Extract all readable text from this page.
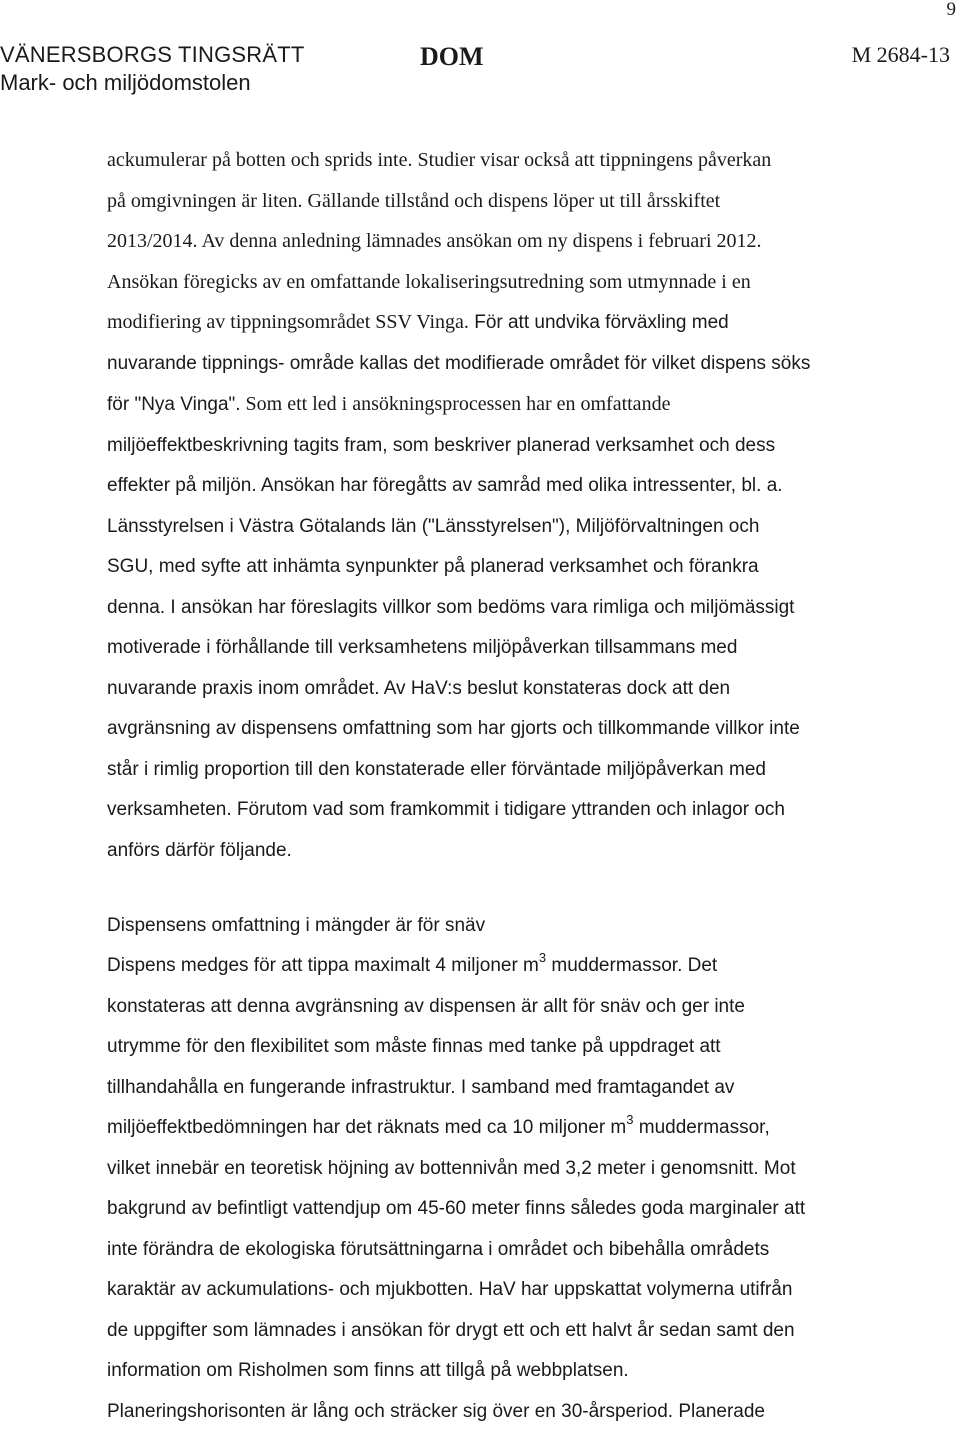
9
VÄNERSBORGS TINGSRÄTT
Mark- och miljödomstolen
DOM	M 2684-13

ackumulerar på botten och sprids inte. Studier visar också att tippningens påverkan
på omgivningen är liten. Gällande tillstånd och dispens löper ut till årsskiftet
2013/2014. Av denna anledning lämnades ansökan om ny dispens i februari 2012.
Ansökan föregicks av en omfattande lokaliseringsutredning som utmynnade i en
modifiering av tippningsområdet SSV Vinga. För att undvika förväxling med
nuvarande tippnings- område kallas det modifierade området för vilket dispens söks
för "Nya Vinga". Som ett led i ansökningsprocessen har en omfattande
miljöeffektbeskrivning tagits fram, som beskriver planerad verksamhet och dess
effekter på miljön. Ansökan har föregåtts av samråd med olika intressenter, bl. a.
Länsstyrelsen i Västra Götalands län ("Länsstyrelsen"), Miljöförvaltningen och
SGU, med syfte att inhämta synpunkter på planerad verksamhet och förankra
denna. I ansökan har föreslagits villkor som bedöms vara rimliga och miljömässigt
motiverade i förhållande till verksamhetens miljöpåverkan tillsammans med
nuvarande praxis inom området. Av HaV:s beslut konstateras dock att den
avgränsning av dispensens omfattning som har gjorts och tillkommande villkor inte
står i rimlig proportion till den konstaterade eller förväntade miljöpåverkan med
verksamheten. Förutom vad som framkommit i tidigare yttranden och inlagor och
anförs därför följande.

Dispensens omfattning i mängder är för snäv

Dispens medges för att tippa maximalt 4 miljoner $m^3$ muddermassor. Det
konstateras att denna avgränsning av dispensen är allt för snäv och ger inte
utrymme för den flexibilitet som måste finnas med tanke på uppdraget att
tillhandahålla en fungerande infrastruktur. I samband med framtagandet av
miljöeffektbedömningen har det räknats med ca 10 miljoner $m^3$ muddermassor,
vilket innebär en teoretisk höjning av bottennivån med 3,2 meter i genomsnitt. Mot
bakgrund av befintligt vattendjup om 45-60 meter finns således goda marginaler att
inte förändra de ekologiska förutsättningarna i området och bibehålla områdets
karaktär av ackumulations- och mjukbotten. HaV har uppskattat volymerna utifrån
de uppgifter som lämnades i ansökan för drygt ett och ett halvt år sedan samt den
information om Risholmen som finns att tillgå på webbplatsen.
Planeringshorisonten är lång och sträcker sig över en 30-årsperiod. Planerade
